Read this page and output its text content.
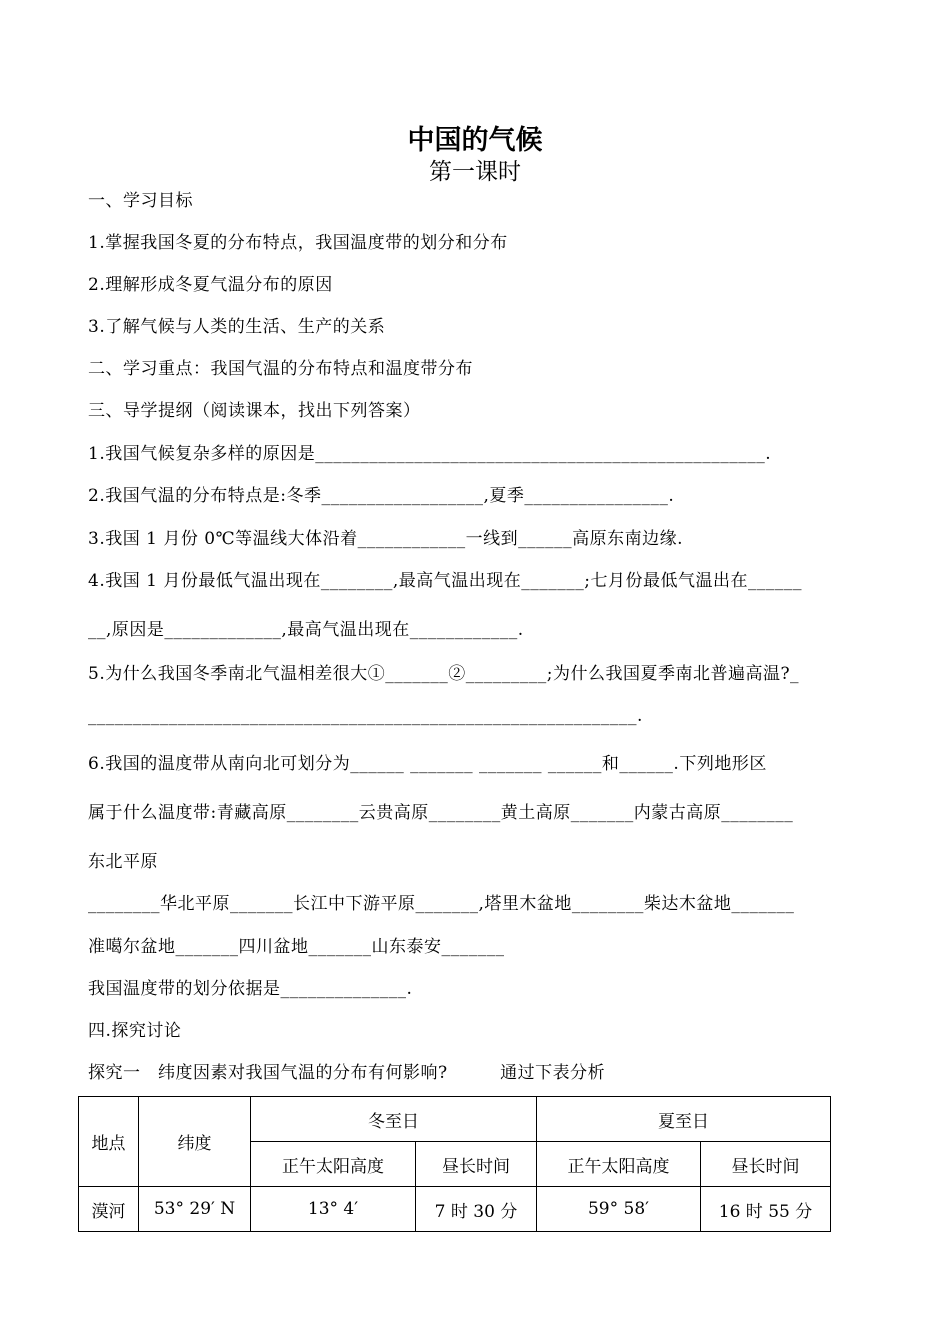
中国的气候
第一课时
一、学习目标
1.掌握我国冬夏的分布特点，我国温度带的划分和分布
2.理解形成冬夏气温分布的原因
3.了解气候与人类的生活、生产的关系
二、学习重点：我国气温的分布特点和温度带分布
三、导学提纲（阅读课本，找出下列答案）
1.我国气候复杂多样的原因是__________________________________________________.
2.我国气温的分布特点是:冬季__________________,夏季________________.
3.我国 1 月份 0℃等温线大体沿着____________一线到______高原东南边缘.
4.我国 1 月份最低气温出现在________,最高气温出现在_______;七月份最低气温出在______
__,原因是_____________,最高气温出现在____________.
5.为什么我国冬季南北气温相差很大①_______②_________;为什么我国夏季南北普遍高温?_
_____________________________________________________________.
6.我国的温度带从南向北可划分为______ _______ _______ ______和______.下列地形区
属于什么温度带:青藏高原________云贵高原________黄土高原_______内蒙古高原________
东北平原
________华北平原_______长江中下游平原_______,塔里木盆地________柴达木盆地_______
准噶尔盆地_______四川盆地_______山东泰安_______
我国温度带的划分依据是______________.
四.探究讨论
探究一　纬度因素对我国气温的分布有何影响?　　　通过下表分析
地点	纬度	冬至日		夏至日	
		正午太阳高度	昼长时间	正午太阳高度	昼长时间
漠河	53° 29′ N	13° 4′	7 时 30 分	59° 58′	16 时 55 分
